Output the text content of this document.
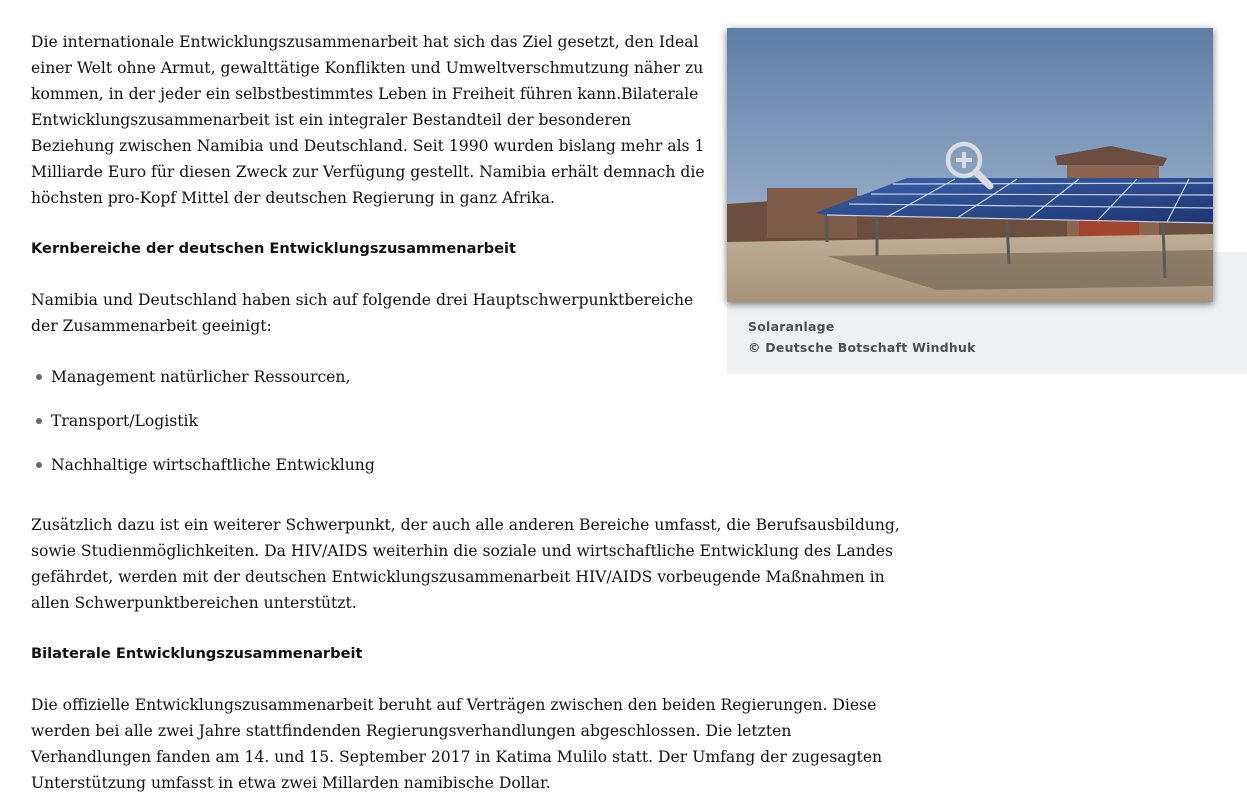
Die internationale Entwicklungszusammenarbeit hat sich das Ziel gesetzt, den Ideal einer Welt ohne Armut, gewalttätige Konflikten und Umweltverschmutzung näher zu kommen, in der jeder ein selbstbestimmtes Leben in Freiheit führen kann.Bilaterale Entwicklungszusammenarbeit ist ein integraler Bestandteil der besonderen Beziehung zwischen Namibia und Deutschland. Seit 1990 wurden bislang mehr als 1 Milliarde Euro für diesen Zweck zur Verfügung gestellt. Namibia erhält demnach die höchsten pro-Kopf Mittel der deutschen Regierung in ganz Afrika.

Kernbereiche der deutschen Entwicklungszusammenarbeit

Namibia und Deutschland haben sich auf folgende drei Hauptschwerpunktbereiche der Zusammenarbeit geeinigt:

Management natürlicher Ressourcen,
Transport/Logistik
Nachhaltige wirtschaftliche Entwicklung

Zusätzlich dazu ist ein weiterer Schwerpunkt, der auch alle anderen Bereiche umfasst, die Berufsausbildung, sowie Studienmöglichkeiten. Da HIV/AIDS weiterhin die soziale und wirtschaftliche Entwicklung des Landes gefährdet, werden mit der deutschen Entwicklungszusammenarbeit HIV/AIDS vorbeugende Maßnahmen in allen Schwerpunktbereichen unterstützt.

Bilaterale Entwicklungszusammenarbeit

Die offizielle Entwicklungszusammenarbeit beruht auf Verträgen zwischen den beiden Regierungen. Diese werden bei alle zwei Jahre stattfindenden Regierungsverhandlungen abgeschlossen. Die letzten Verhandlungen fanden am 14. und 15. September 2017 in Katima Mulilo statt. Der Umfang der zugesagten Unterstützung umfasst in etwa zwei Millarden namibische Dollar.

Solaranlage
© Deutsche Botschaft Windhuk
